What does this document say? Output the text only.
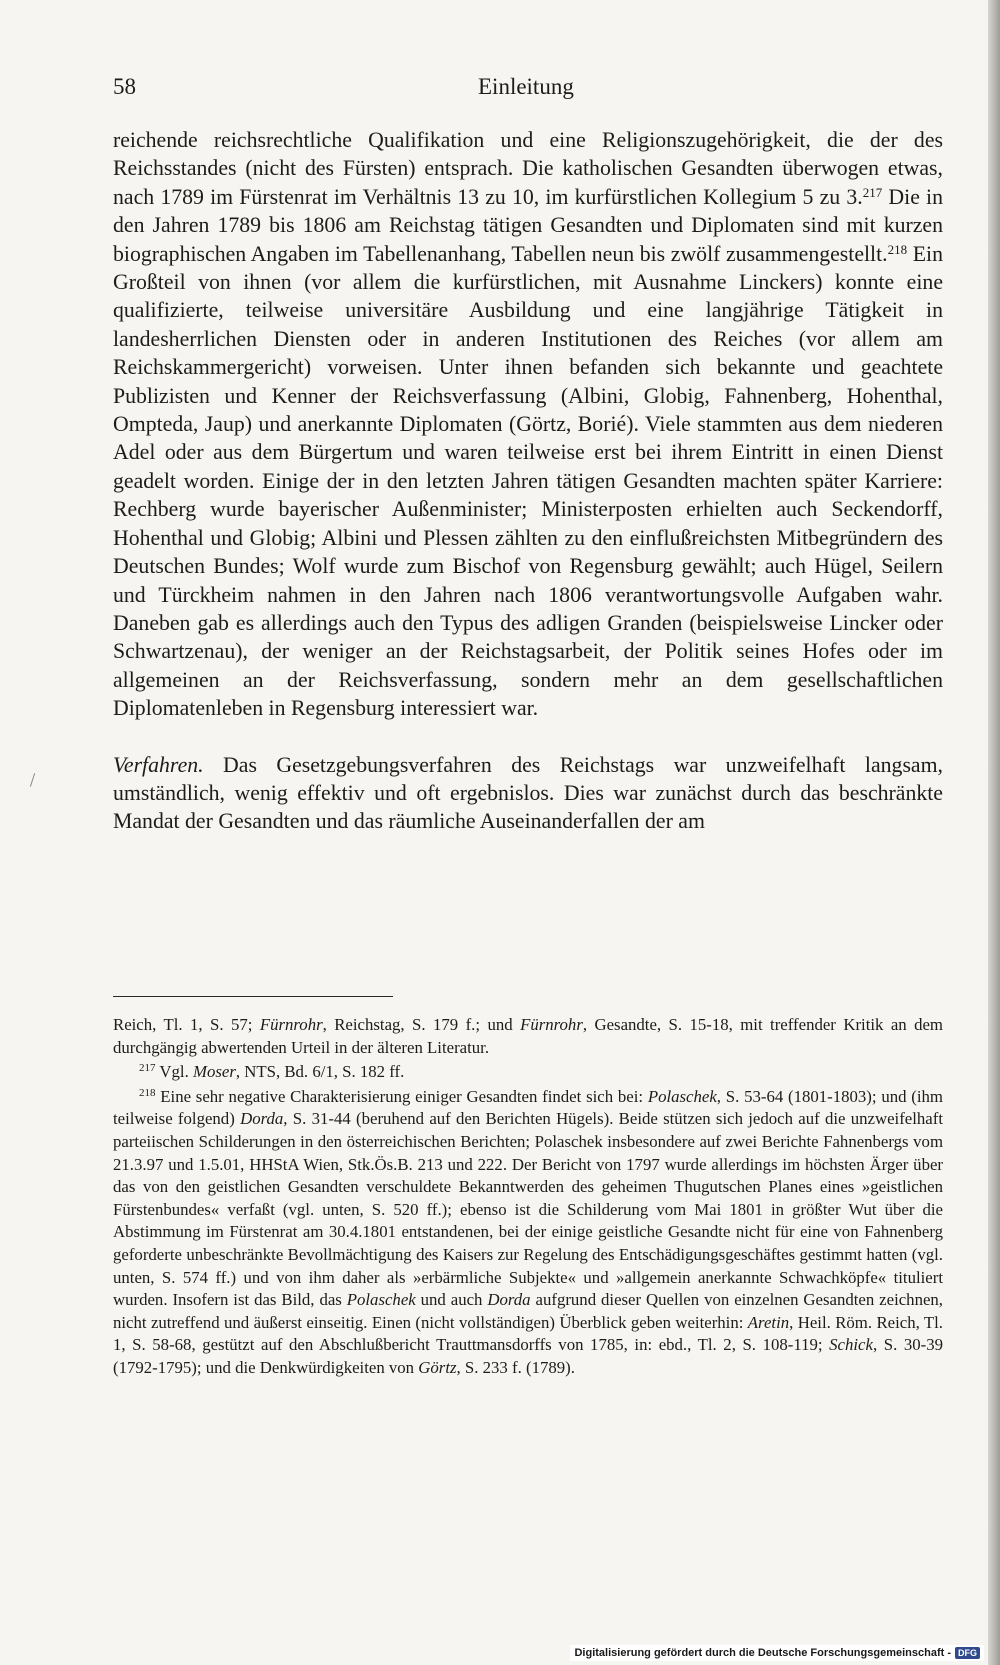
58	Einleitung

reichende reichsrechtliche Qualifikation und eine Religionszugehörigkeit, die der des Reichsstandes (nicht des Fürsten) entsprach. Die katholischen Gesandten überwogen etwas, nach 1789 im Fürstenrat im Verhältnis 13 zu 10, im kurfürstlichen Kollegium 5 zu 3.$^{217}$ Die in den Jahren 1789 bis 1806 am Reichstag tätigen Gesandten und Diplomaten sind mit kurzen biographischen Angaben im Tabellenanhang, Tabellen neun bis zwölf zusammengestellt.$^{218}$ Ein Großteil von ihnen (vor allem die kurfürstlichen, mit Ausnahme Linckers) konnte eine qualifizierte, teilweise universitäre Ausbildung und eine langjährige Tätigkeit in landesherrlichen Diensten oder in anderen Institutionen des Reiches (vor allem am Reichskammergericht) vorweisen. Unter ihnen befanden sich bekannte und geachtete Publizisten und Kenner der Reichsverfassung (Albini, Globig, Fahnenberg, Hohenthal, Ompteda, Jaup) und anerkannte Diplomaten (Görtz, Borié). Viele stammten aus dem niederen Adel oder aus dem Bürgertum und waren teilweise erst bei ihrem Eintritt in einen Dienst geadelt worden. Einige der in den letzten Jahren tätigen Gesandten machten später Karriere: Rechberg wurde bayerischer Außenminister; Ministerposten erhielten auch Seckendorff, Hohenthal und Globig; Albini und Plessen zählten zu den einflußreichsten Mitbegründern des Deutschen Bundes; Wolf wurde zum Bischof von Regensburg gewählt; auch Hügel, Seilern und Türckheim nahmen in den Jahren nach 1806 verantwortungsvolle Aufgaben wahr. Daneben gab es allerdings auch den Typus des adligen Granden (beispielsweise Lincker oder Schwartzenau), der weniger an der Reichstagsarbeit, der Politik seines Hofes oder im allgemeinen an der Reichsverfassung, sondern mehr an dem gesellschaftlichen Diplomatenleben in Regensburg interessiert war.

Verfahren. Das Gesetzgebungsverfahren des Reichstags war unzweifelhaft langsam, umständlich, wenig effektiv und oft ergebnislos. Dies war zunächst durch das beschränkte Mandat der Gesandten und das räumliche Auseinanderfallen der am

Reich, Tl. 1, S. 57; Fürnrohr, Reichstag, S. 179 f.; und Fürnrohr, Gesandte, S. 15-18, mit treffender Kritik an dem durchgängig abwertenden Urteil in der älteren Literatur.

$^{217}$ Vgl. Moser, NTS, Bd. 6/1, S. 182 ff.

$^{218}$ Eine sehr negative Charakterisierung einiger Gesandten findet sich bei: Polaschek, S. 53-64 (1801-1803); und (ihm teilweise folgend) Dorda, S. 31-44 (beruhend auf den Berichten Hügels). Beide stützen sich jedoch auf die unzweifelhaft parteiischen Schilderungen in den österreichischen Berichten; Polaschek insbesondere auf zwei Berichte Fahnenbergs vom 21.3.97 und 1.5.01, HHStA Wien, Stk.Ös.B. 213 und 222. Der Bericht von 1797 wurde allerdings im höchsten Ärger über das von den geistlichen Gesandten verschuldete Bekanntwerden des geheimen Thugutschen Planes eines »geistlichen Fürstenbundes« verfaßt (vgl. unten, S. 520 ff.); ebenso ist die Schilderung vom Mai 1801 in größter Wut über die Abstimmung im Fürstenrat am 30.4.1801 entstandenen, bei der einige geistliche Gesandte nicht für eine von Fahnenberg geforderte unbeschränkte Bevollmächtigung des Kaisers zur Regelung des Entschädigungsgeschäftes gestimmt hatten (vgl. unten, S. 574 ff.) und von ihm daher als »erbärmliche Subjekte« und »allgemein anerkannte Schwachköpfe« tituliert wurden. Insofern ist das Bild, das Polaschek und auch Dorda aufgrund dieser Quellen von einzelnen Gesandten zeichnen, nicht zutreffend und äußerst einseitig. Einen (nicht vollständigen) Überblick geben weiterhin: Aretin, Heil. Röm. Reich, Tl. 1, S. 58-68, gestützt auf den Abschlußbericht Trauttmansdorffs von 1785, in: ebd., Tl. 2, S. 108-119; Schick, S. 30-39 (1792-1795); und die Denkwürdigkeiten von Görtz, S. 233 f. (1789).

Digitalisierung gefördert durch die Deutsche Forschungsgemeinschaft - DFG
